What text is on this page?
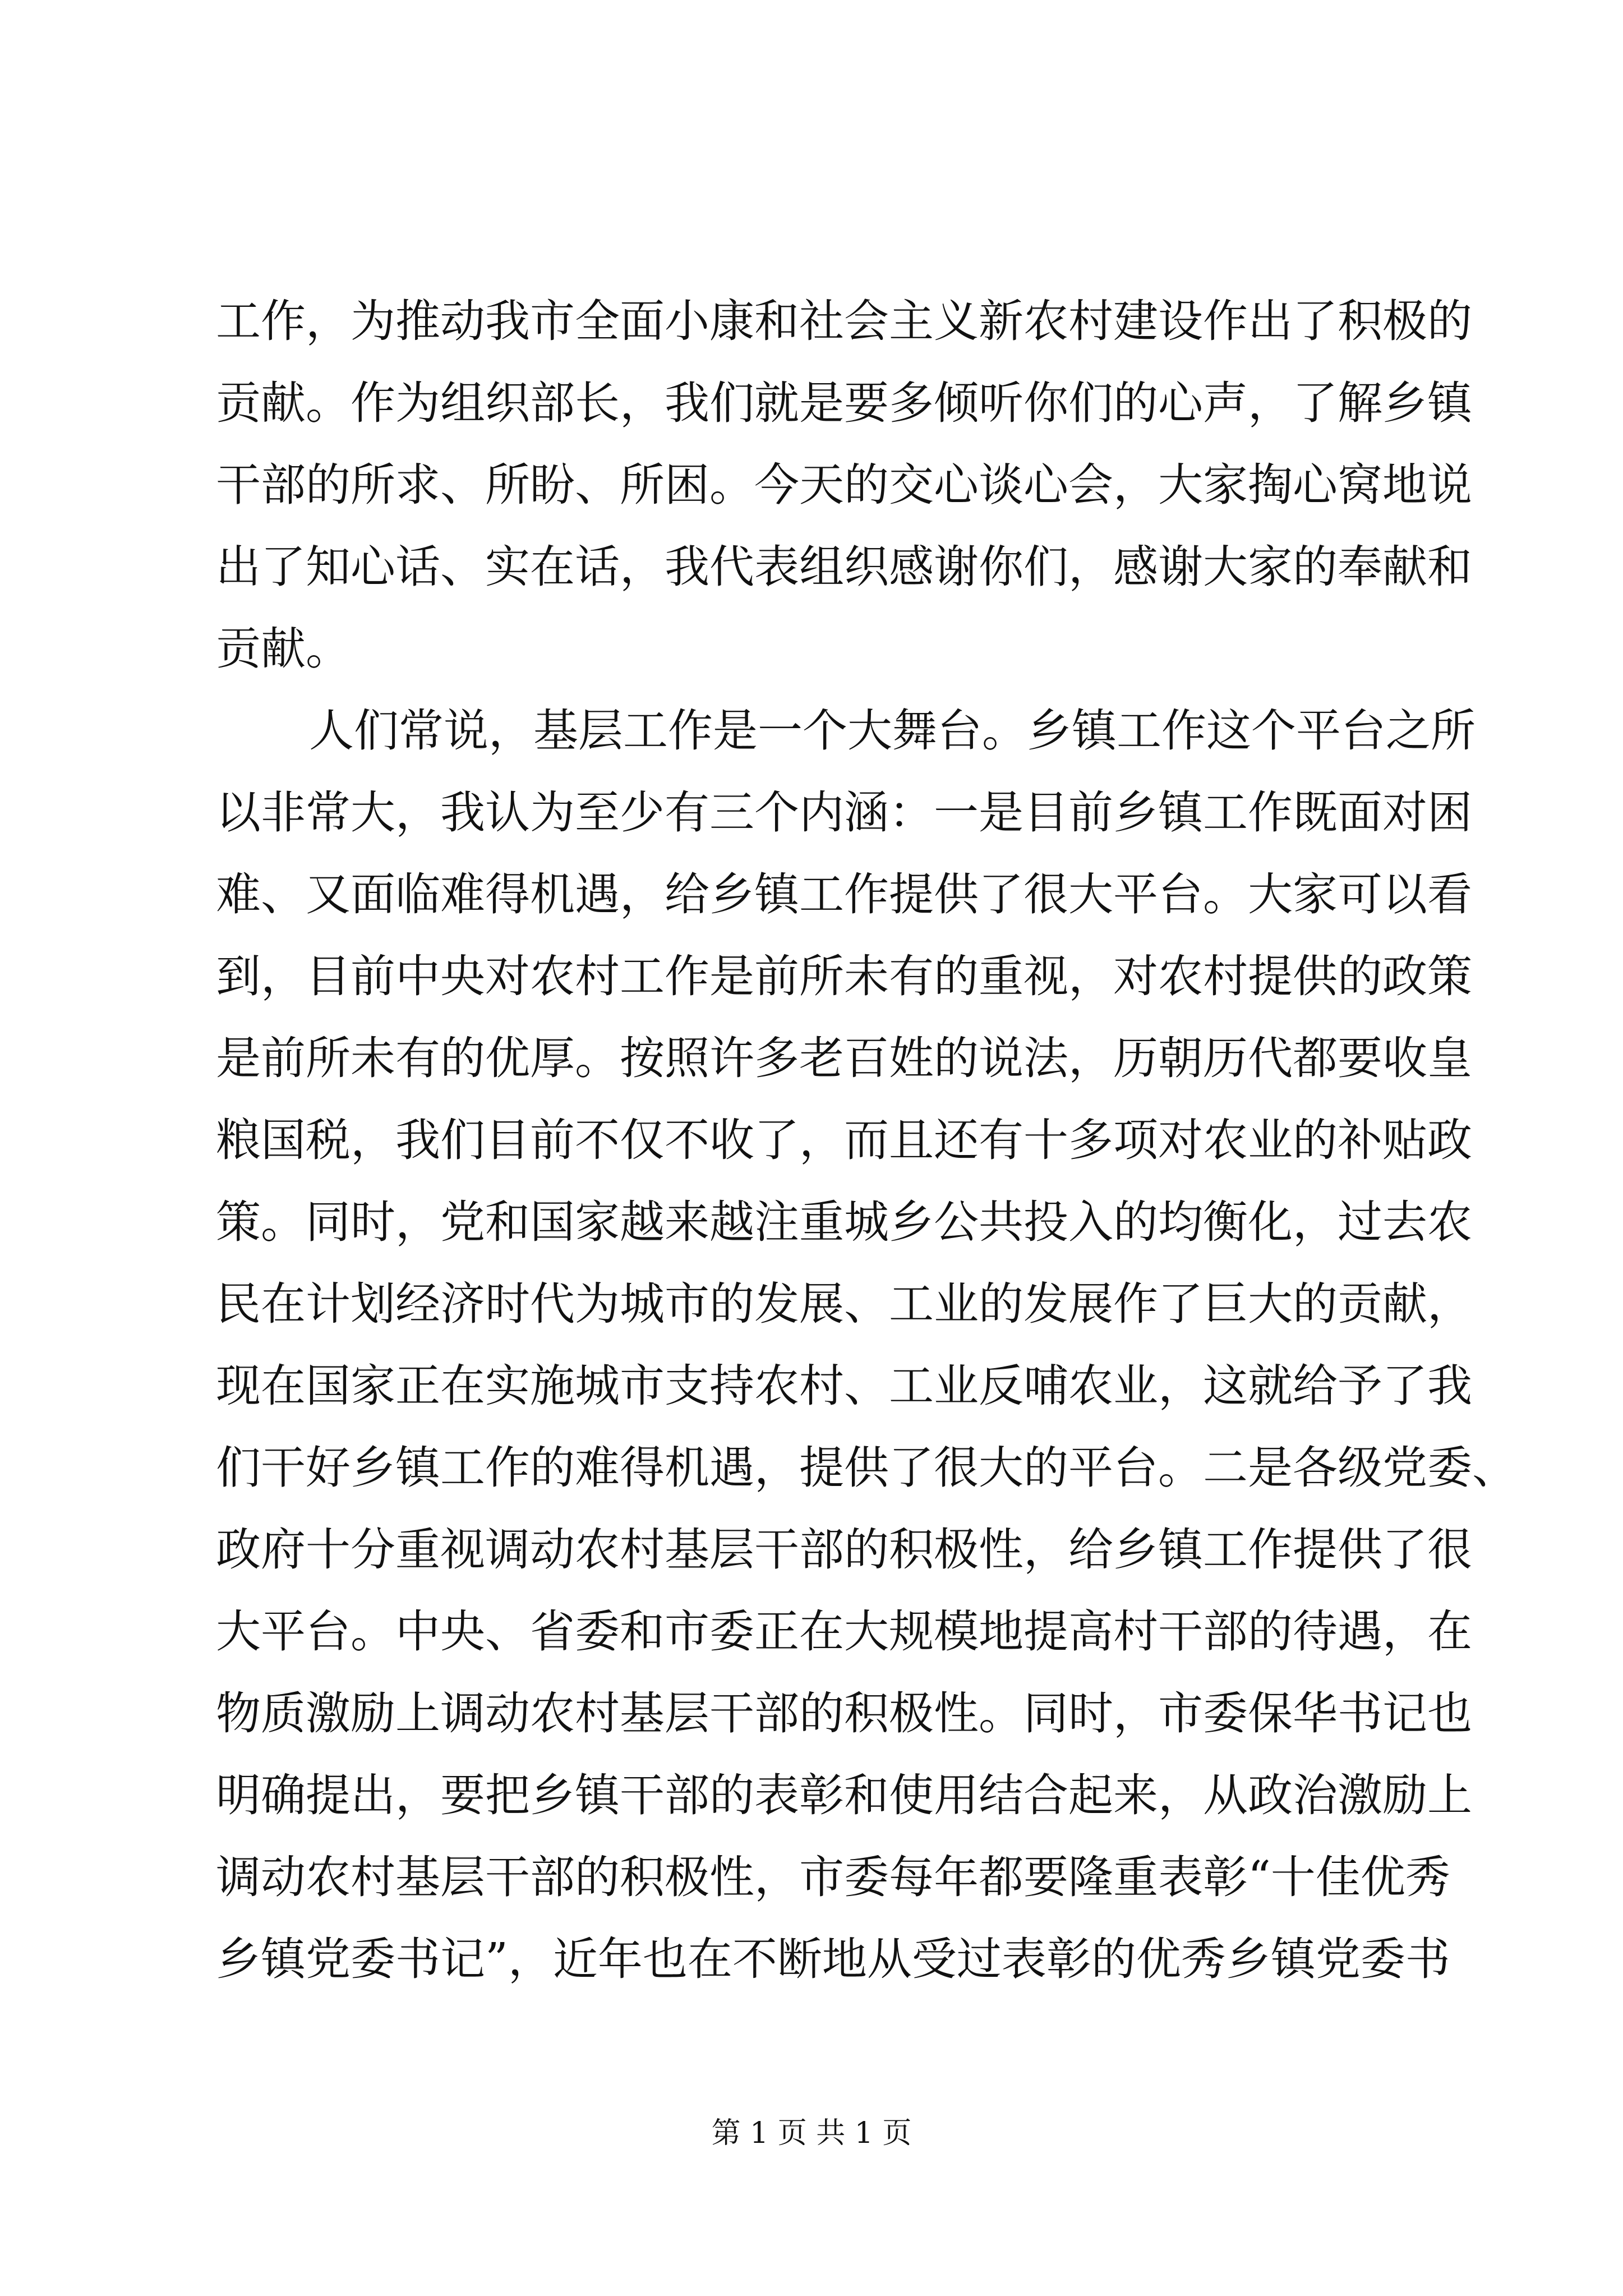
工作，为推动我市全面小康和社会主义新农村建设作出了积极的
贡献。作为组织部长，我们就是要多倾听你们的心声，了解乡镇
干部的所求、所盼、所困。今天的交心谈心会，大家掏心窝地说
出了知心话、实在话，我代表组织感谢你们，感谢大家的奉献和
贡献。
人们常说，基层工作是一个大舞台。乡镇工作这个平台之所
以非常大，我认为至少有三个内涵：一是目前乡镇工作既面对困
难、又面临难得机遇，给乡镇工作提供了很大平台。大家可以看
到，目前中央对农村工作是前所未有的重视，对农村提供的政策
是前所未有的优厚。按照许多老百姓的说法，历朝历代都要收皇
粮国税，我们目前不仅不收了，而且还有十多项对农业的补贴政
策。同时，党和国家越来越注重城乡公共投入的均衡化，过去农
民在计划经济时代为城市的发展、工业的发展作了巨大的贡献，
现在国家正在实施城市支持农村、工业反哺农业，这就给予了我
们干好乡镇工作的难得机遇，提供了很大的平台。二是各级党委、
政府十分重视调动农村基层干部的积极性，给乡镇工作提供了很
大平台。中央、省委和市委正在大规模地提高村干部的待遇，在
物质激励上调动农村基层干部的积极性。同时，市委保华书记也
明确提出，要把乡镇干部的表彰和使用结合起来，从政治激励上
调动农村基层干部的积极性，市委每年都要隆重表彰“十佳优秀
乡镇党委书记”，近年也在不断地从受过表彰的优秀乡镇党委书
第 1 页 共 1 页
